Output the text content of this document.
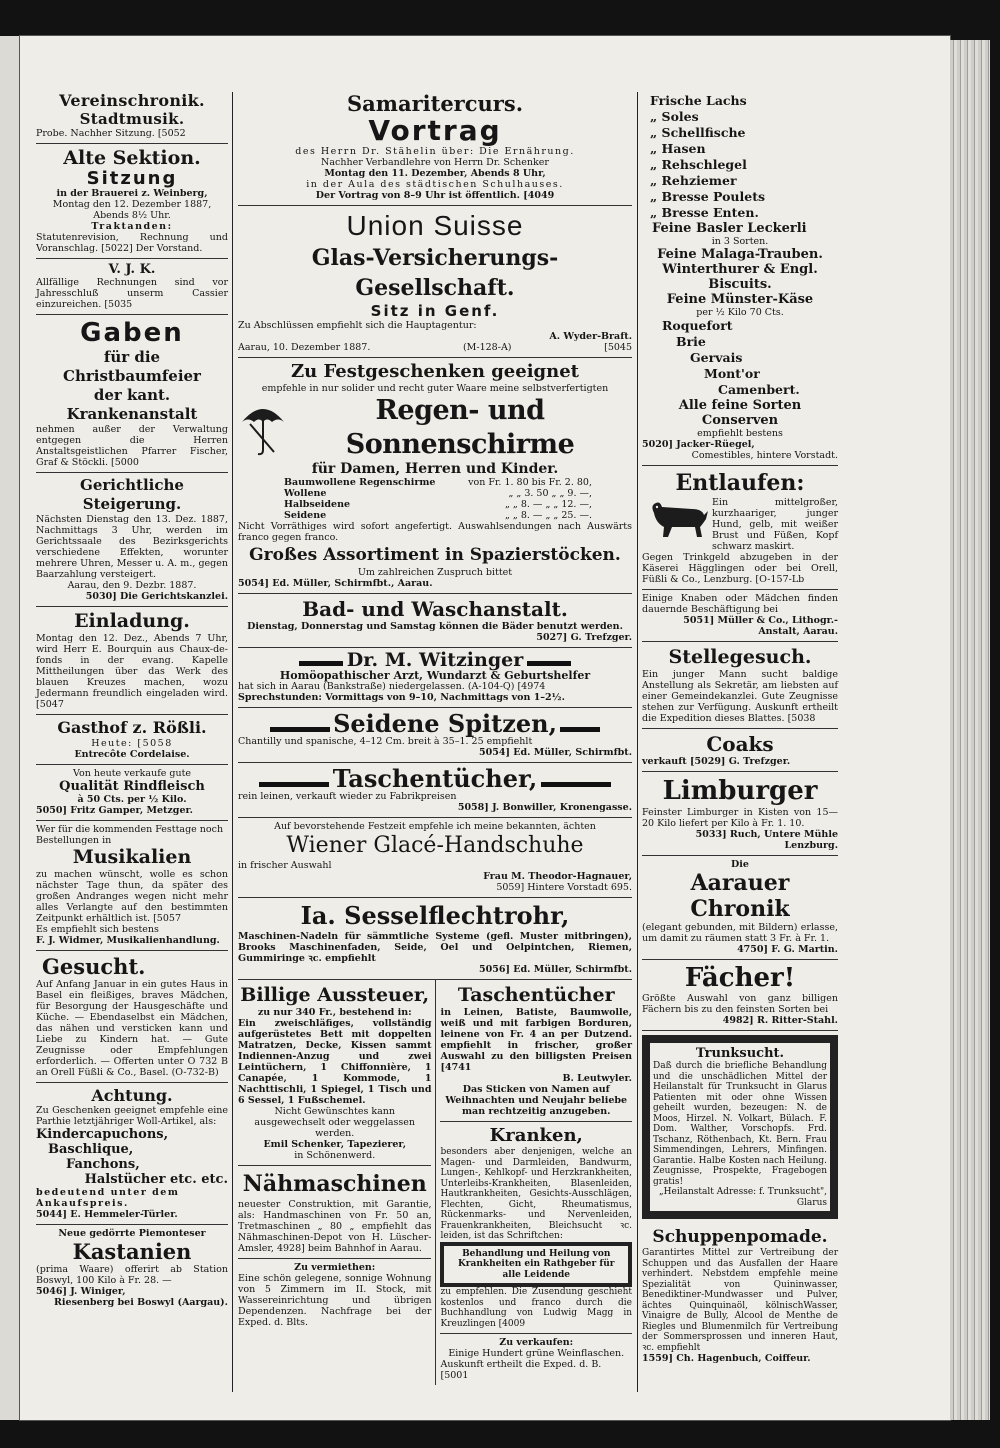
Vereinschronik.

Stadtmusik.

Probe. Nachher Sitzung. [5052

Alte Sektion.

Sitzung

in der Brauerei z. Weinberg,

Montag den 12. Dezember 1887,

Abends 8½ Uhr.

Traktanden:

Statutenrevision, Rechnung und Voranschlag. [5022] Der Vorstand.

V. J. K.

Allfällige Rechnungen sind vor Jahresschluß unserm Cassier einzureichen. [5035

Gaben

für die Christbaumfeier

der kant. Krankenanstalt

nehmen außer der Verwaltung entgegen die Herren Anstaltsgeistlichen Pfarrer Fischer, Graf & Stöckli. [5000

Gerichtliche Steigerung.

Nächsten Dienstag den 13. Dez. 1887, Nachmittags 3 Uhr, werden im Gerichtssaale des Bezirksgerichts verschiedene Effekten, worunter mehrere Uhren, Messer u. A. m., gegen Baarzahlung versteigert.

Aarau, den 9. Dezbr. 1887.

5030] Die Gerichtskanzlei.

Einladung.

Montag den 12. Dez., Abends 7 Uhr, wird Herr E. Bourquin aus Chaux-de-fonds in der evang. Kapelle Mittheilungen über das Werk des blauen Kreuzes machen, wozu Jedermann freundlich eingeladen wird. [5047

Gasthof z. Rößli.

Heute: [5058

Entrecôte Cordelaise.

Von heute verkaufe gute

Qualität Rindfleisch

à 50 Cts. per ½ Kilo.

5050] Fritz Gamper, Metzger.

Wer für die kommenden Festtage noch Bestellungen in

Musikalien

zu machen wünscht, wolle es schon nächster Tage thun, da später des großen Andranges wegen nicht mehr alles Verlangte auf den bestimmten Zeitpunkt erhältlich ist. [5057

Es empfiehlt sich bestens

F. J. Widmer, Musikalienhandlung.

Gesucht.

Auf Anfang Januar in ein gutes Haus in Basel ein fleißiges, braves Mädchen, für Besorgung der Hausgeschäfte und Küche. — Ebendaselbst ein Mädchen, das nähen und versticken kann und Liebe zu Kindern hat. — Gute Zeugnisse oder Empfehlungen erforderlich. — Offerten unter O 732 B an Orell Füßli & Co., Basel. (O-732-B)

Achtung.

Zu Geschenken geeignet empfehle eine Parthie letztjähriger Woll-Artikel, als:

Kindercapuchons,

Baschlique,

Fanchons,

Halstücher etc. etc.

bedeutend unter dem Ankaufspreis.

5044] E. Hemmeler-Türler.

Neue gedörrte Piemonteser

Kastanien

(prima Waare) offerirt ab Station Boswyl, 100 Kilo à Fr. 28. —

5046] J. Winiger,

Riesenberg bei Boswyl (Aargau).

Samaritercurs.

Vortrag

des Herrn Dr. Stähelin über: Die Ernährung.

Nachher Verbandlehre von Herrn Dr. Schenker

Montag den 11. Dezember, Abends 8 Uhr,

in der Aula des städtischen Schulhauses.

Der Vortrag von 8–9 Uhr ist öffentlich. [4049

Union Suisse

Glas-Versicherungs-Gesellschaft.

Sitz in Genf.

Zu Abschlüssen empfiehlt sich die Hauptagentur:

A. Wyder-Braft.

Aarau, 10. Dezember 1887.	(M-128-A)	[5045

Zu Festgeschenken geeignet

empfehle in nur solider und recht guter Waare meine selbstverfertigten

Regen- und Sonnenschirme

für Damen, Herren und Kinder.

Baumwollene Regenschirme	von Fr. 1. 80 bis Fr. 2. 80,
Wollene	„ „ 3. 50 „ „ 9. —,
Halbseidene	„ „ 8. — „ „ 12. —,
Seidene	„ „ 8. — „ „ 25. —.

Nicht Vorräthiges wird sofort angefertigt. Auswahlsendungen nach Auswärts franco gegen franco.

Großes Assortiment in Spazierstöcken.

Um zahlreichen Zuspruch bittet

5054] Ed. Müller, Schirmfbt., Aarau.

Bad- und Waschanstalt.

Dienstag, Donnerstag und Samstag können die Bäder benutzt werden.

5027] G. Trefzger.

Dr. M. Witzinger

Homöopathischer Arzt, Wundarzt & Geburtshelfer

hat sich in Aarau (Bankstraße) niedergelassen. (A-104-Q) [4974

Sprechstunden: Vormittags von 9–10, Nachmittags von 1–2½.

Seidene Spitzen,

Chantilly und spanische, 4–12 Cm. breit à 35–1. 25 empfiehlt

5054] Ed. Müller, Schirmfbt.

Taschentücher,

rein leinen, verkauft wieder zu Fabrikpreisen

5058] J. Bonwiller, Kronengasse.

Auf bevorstehende Festzeit empfehle ich meine bekannten, ächten

Wiener Glacé-Handschuhe

in frischer Auswahl

Frau M. Theodor-Hagnauer,

5059] Hintere Vorstadt 695.

Ia. Sesselflechtrohr,

Maschinen-Nadeln für sämmtliche Systeme (gefl. Muster mitbringen), Brooks Maschinenfaden, Seide, Oel und Oelpintchen, Riemen, Gummiringe ꝛc. empfiehlt

5056] Ed. Müller, Schirmfbt.

Billige Aussteuer,

zu nur 340 Fr., bestehend in:

Ein zweischläfiges, vollständig aufgerüstetes Bett mit doppelten Matratzen, Decke, Kissen sammt Indiennen-Anzug und zwei Leintüchern, 1 Chiffonnière, 1 Canapée, 1 Kommode, 1 Nachttischli, 1 Spiegel, 1 Tisch und 6 Sessel, 1 Fußschemel.

Nicht Gewünschtes kann ausgewechselt oder weggelassen werden.

Emil Schenker, Tapezierer,

in Schönenwerd.

Nähmaschinen

neuester Construktion, mit Garantie, als: Handmaschinen von Fr. 50 an, Tretmaschinen „ 80 „ empfiehlt das Nähmaschinen-Depot von H. Lüscher-Amsler, 4928] beim Bahnhof in Aarau.

Zu vermiethen:

Eine schön gelegene, sonnige Wohnung von 5 Zimmern im II. Stock, mit Wassereinrichtung und übrigen Dependenzen. Nachfrage bei der Exped. d. Blts.

Taschentücher

in Leinen, Batiste, Baumwolle, weiß und mit farbigen Borduren, leinene von Fr. 4 an per Dutzend. empfiehlt in frischer, großer Auswahl zu den billigsten Preisen [4741

B. Leutwyler.

Das Sticken von Namen auf Weihnachten und Neujahr beliebe man rechtzeitig anzugeben.

Kranken,

besonders aber denjenigen, welche an Magen- und Darmleiden, Bandwurm, Lungen-, Kehlkopf- und Herzkrankheiten, Unterleibs-Krankheiten, Blasenleiden, Hautkrankheiten, Gesichts-Ausschlägen, Flechten, Gicht, Rheumatismus, Rückenmarks- und Nervenleiden, Frauenkrankheiten, Bleichsucht ꝛc. leiden, ist das Schriftchen:

Behandlung und Heilung von Krankheiten ein Rathgeber für alle Leidende

zu empfehlen. Die Zusendung geschieht kostenlos und franco durch die Buchhandlung von Ludwig Magg in Kreuzlingen [4009

Zu verkaufen:

Einige Hundert grüne Weinflaschen.

Auskunft ertheilt die Exped. d. B. [5001

Frische Lachs

„ Soles

„ Schellfische

„ Hasen

„ Rehschlegel

„ Rehziemer

„ Bresse Poulets

„ Bresse Enten.

Feine Basler Leckerli

in 3 Sorten.

Feine Malaga-Trauben.

Winterthurer & Engl. Biscuits.

Feine Münster-Käse

per ½ Kilo 70 Cts.

Roquefort

Brie

Gervais

Mont'or

Camenbert.

Alle feine Sorten Conserven

empfiehlt bestens

5020] Jacker-Rüegel,

Comestibles, hintere Vorstadt.

Entlaufen:

Ein mittelgroßer, kurzhaariger, junger Hund, gelb, mit weißer Brust und Füßen, Kopf schwarz maskirt.

Gegen Trinkgeld abzugeben in der Käserei Hägglingen oder bei Orell, Füßli & Co., Lenzburg. [O-157-Lb

Einige Knaben oder Mädchen finden dauernde Beschäftigung bei

5051] Müller & Co., Lithogr.-Anstalt, Aarau.

Stellegesuch.

Ein junger Mann sucht baldige Anstellung als Sekretär, am liebsten auf einer Gemeindekanzlei. Gute Zeugnisse stehen zur Verfügung. Auskunft ertheilt die Expedition dieses Blattes. [5038

Coaks

verkauft [5029] G. Trefzger.

Limburger

Feinster Limburger in Kisten von 15—20 Kilo liefert per Kilo à Fr. 1. 10.

5033] Ruch, Untere Mühle Lenzburg.

Die

Aarauer Chronik

(elegant gebunden, mit Bildern) erlasse, um damit zu räumen statt 3 Fr. à Fr. 1.

4750] F. G. Martin.

Fächer!

Größte Auswahl von ganz billigen Fächern bis zu den feinsten Sorten bei

4982] R. Ritter-Stahl.

Trunksucht.

Daß durch die briefliche Behandlung und die unschädlichen Mittel der Heilanstalt für Trunksucht in Glarus Patienten mit oder ohne Wissen geheilt wurden, bezeugen: N. de Moos, Hirzel. N. Volkart, Bülach. F. Dom. Walther, Vorschopfs. Frd. Tschanz, Röthenbach, Kt. Bern. Frau Simmendingen, Lehrers, Minfingen. Garantie. Halbe Kosten nach Heilung. Zeugnisse, Prospekte, Fragebogen gratis!

„Heilanstalt Adresse: f. Trunksucht", Glarus

Schuppenpomade.

Garantirtes Mittel zur Vertreibung der Schuppen und das Ausfallen der Haare verhindert. Nebstdem empfehle meine Spezialität von Quininwasser, Benediktiner-Mundwasser und Pulver, ächtes Quinquinaöl, kölnischWasser, Vinaigre de Bully, Alcool de Menthe de Riegles und Blumenmilch für Vertreibung der Sommersprossen und inneren Haut, ꝛc. empfiehlt

1559] Ch. Hagenbuch, Coiffeur.
